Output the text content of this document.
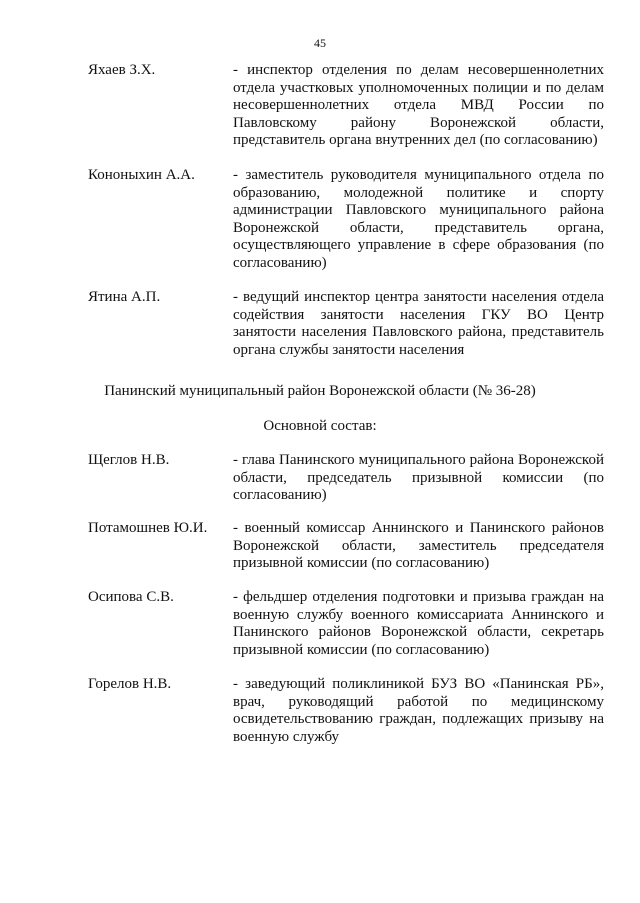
45
Яхаев З.Х.	- инспектор отделения по делам несовершеннолетних отдела участковых уполномоченных полиции и по делам несовершеннолетних отдела МВД России по Павловскому району Воронежской области, представитель органа внутренних дел (по согласованию)
Кононыхин А.А.	- заместитель руководителя муниципального отдела по образованию, молодежной политике и спорту администрации Павловского муниципального района Воронежской области, представитель органа, осуществляющего управление в сфере образования (по согласованию)
Ятина А.П.	- ведущий инспектор центра занятости населения отдела содействия занятости населения ГКУ ВО Центр занятости населения Павловского района, представитель органа службы занятости населения
Панинский муниципальный район Воронежской области (№ 36-28)
Основной состав:
Щеглов Н.В.	- глава Панинского муниципального района Воронежской области, председатель призывной комиссии (по согласованию)
Потамошнев Ю.И. - военный комиссар Аннинского и Панинского районов Воронежской области, заместитель председателя призывной комиссии (по согласованию)
Осипова С.В.	- фельдшер отделения подготовки и призыва граждан на военную службу военного комиссариата Аннинского и Панинского районов Воронежской области, секретарь призывной комиссии (по согласованию)
Горелов Н.В.	- заведующий поликлиникой БУЗ ВО «Панинская РБ», врач, руководящий работой по медицинскому освидетельствованию граждан, подлежащих призыву на военную службу
